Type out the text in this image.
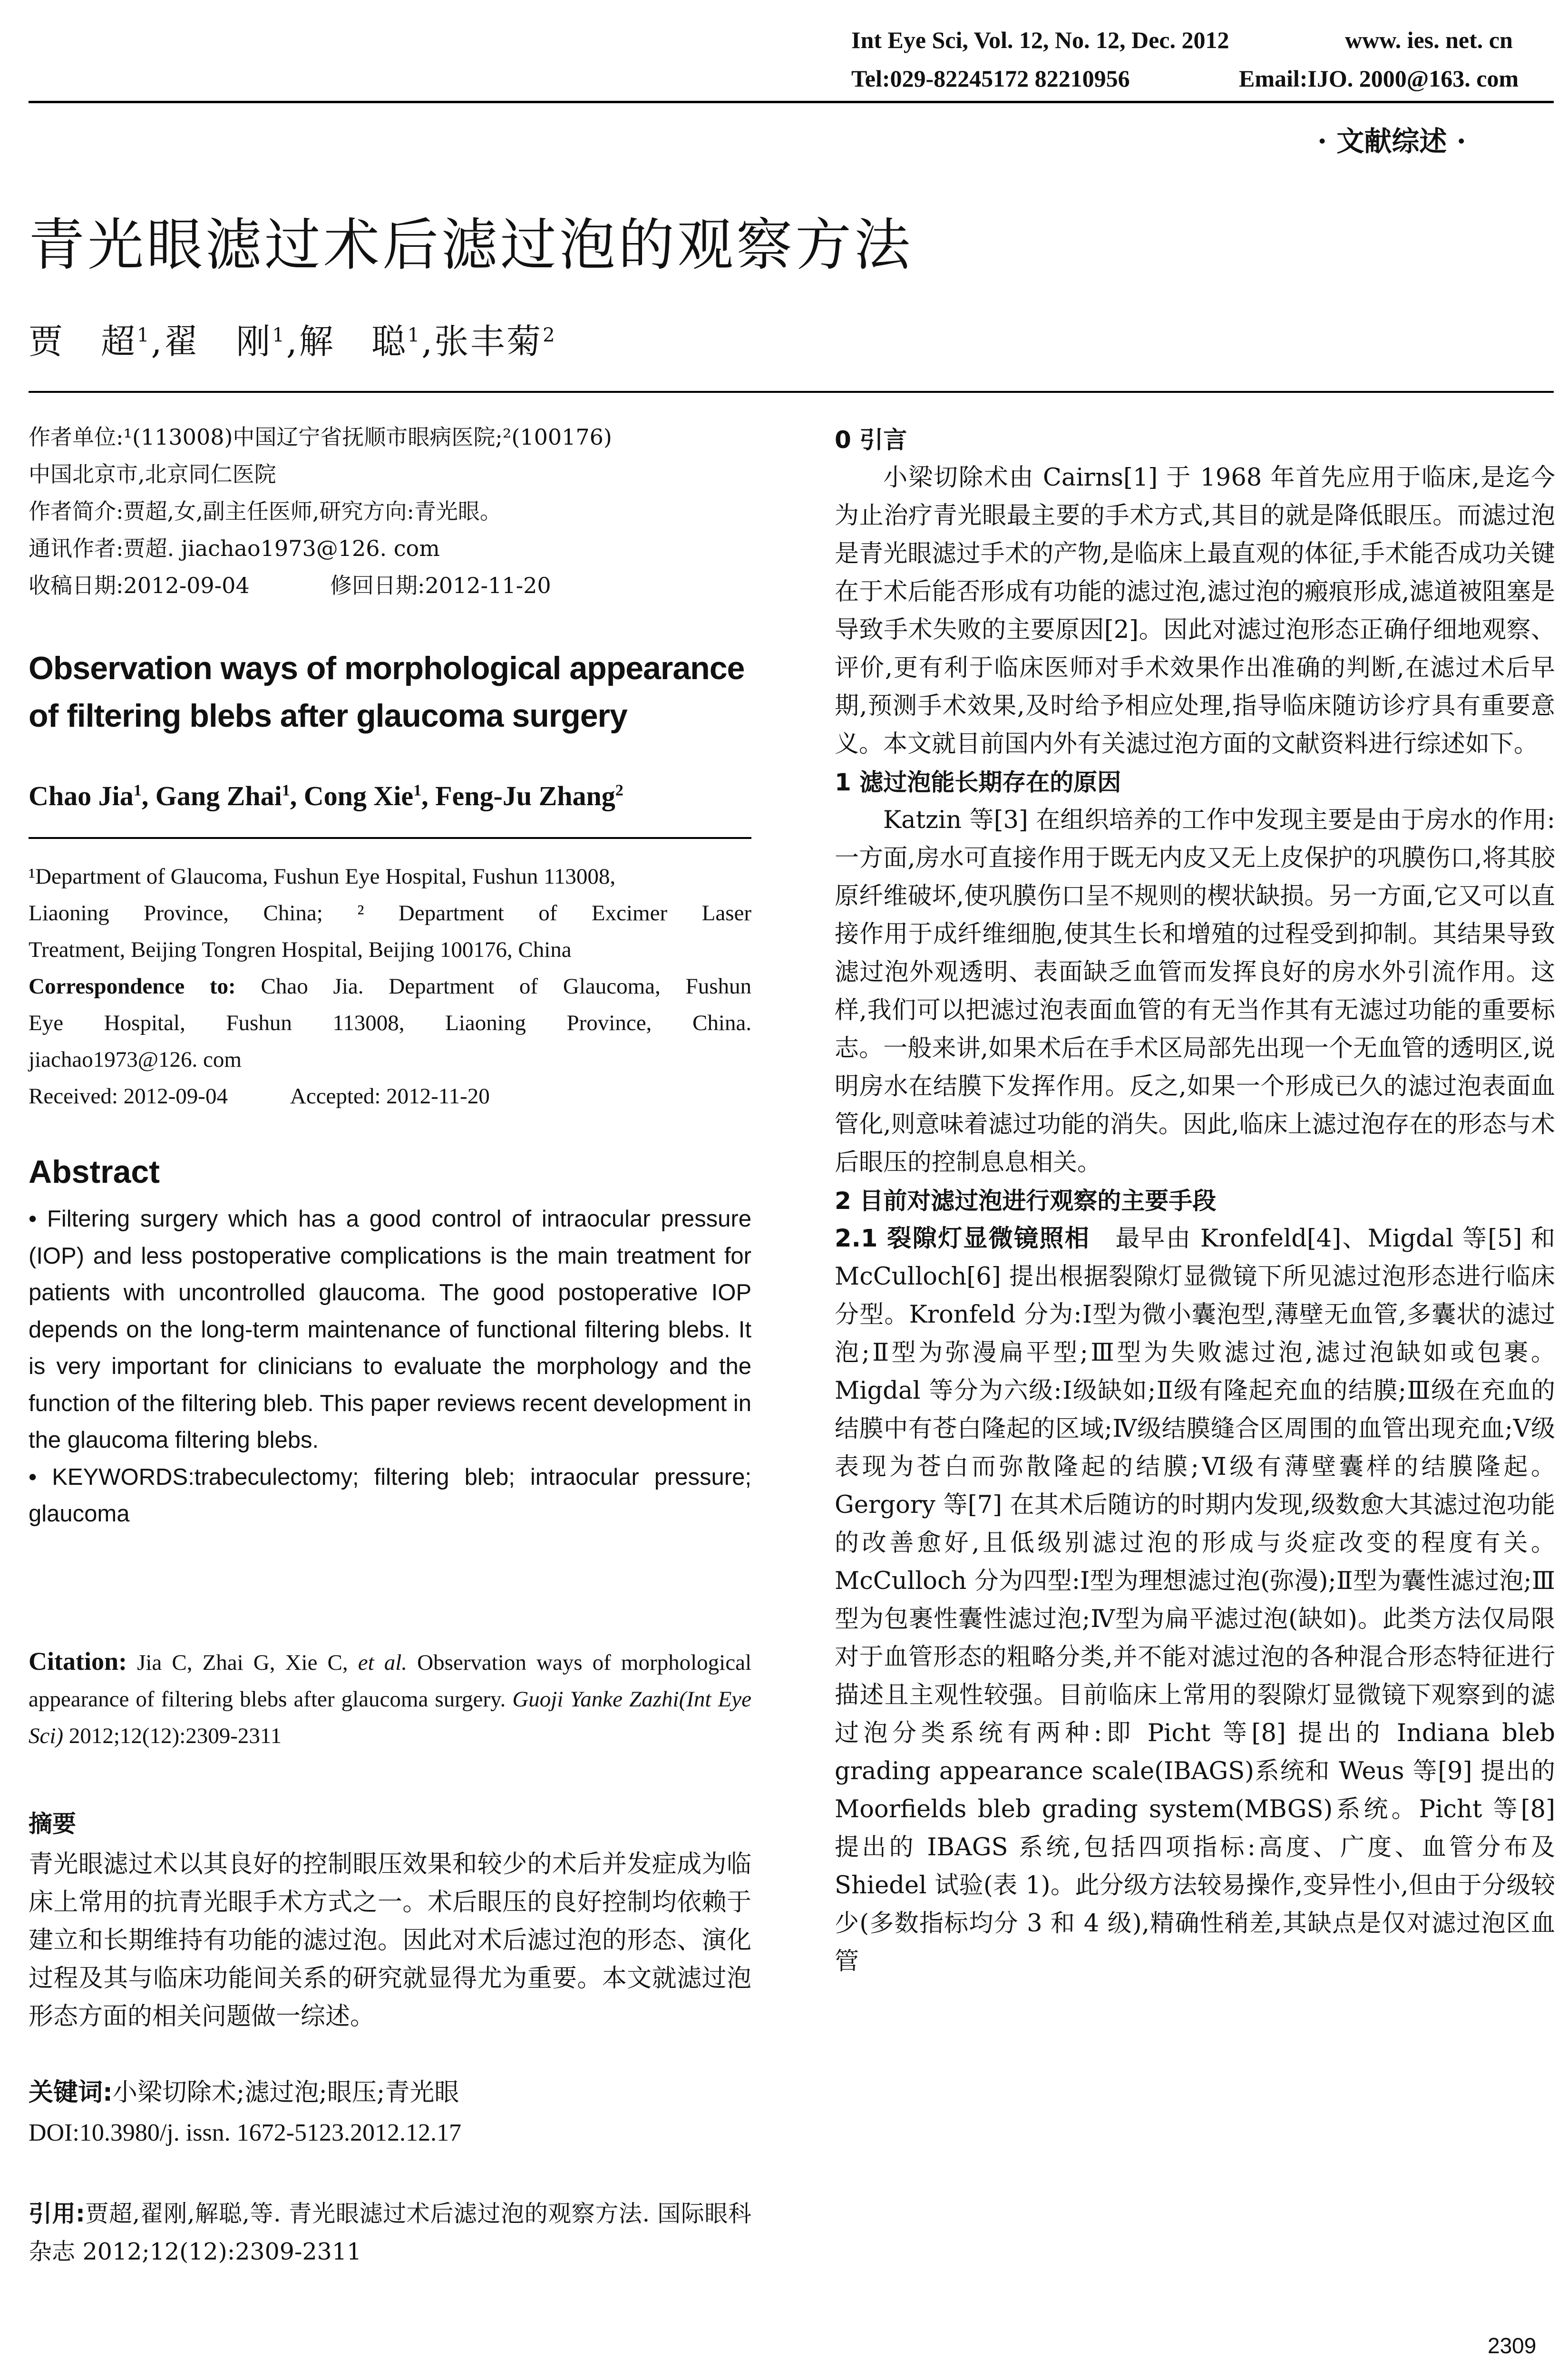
Int Eye Sci, Vol. 12, No. 12, Dec. 2012	www. ies. net. cn
Tel:029-82245172 82210956	Email:IJO. 2000@163. com
· 文献综述 ·
青光眼滤过术后滤过泡的观察方法
贾　超$^1$,翟　刚$^1$,解　聪$^1$,张丰菊$^2$
作者单位:¹(113008)中国辽宁省抚顺市眼病医院;²(100176)
中国北京市,北京同仁医院
作者简介:贾超,女,副主任医师,研究方向:青光眼。
通讯作者:贾超. jiachao1973@126. com
收稿日期:2012-09-04	修回日期:2012-11-20
Observation ways of morphological appearance
of filtering blebs after glaucoma surgery
Chao Jia$^1$, Gang Zhai$^1$, Cong Xie$^1$, Feng-Ju Zhang$^2$
¹Department of Glaucoma, Fushun Eye Hospital, Fushun 113008,
Liaoning Province, China; ² Department of Excimer Laser
Treatment, Beijing Tongren Hospital, Beijing 100176, China
Correspondence to: Chao Jia. Department of Glaucoma, Fushun
Eye Hospital, Fushun 113008, Liaoning Province, China.
jiachao1973@126. com
Received: 2012-09-04	Accepted: 2012-11-20
Abstract
• Filtering surgery which has a good control of intraocular pressure (IOP) and less postoperative complications is the main treatment for patients with uncontrolled glaucoma. The good postoperative IOP depends on the long-term maintenance of functional filtering blebs. It is very important for clinicians to evaluate the morphology and the function of the filtering bleb. This paper reviews recent development in the glaucoma filtering blebs.
• KEYWORDS:trabeculectomy; filtering bleb; intraocular pressure; glaucoma
Citation: Jia C, Zhai G, Xie C, et al. Observation ways of morphological appearance of filtering blebs after glaucoma surgery. Guoji Yanke Zazhi(Int Eye Sci) 2012;12(12):2309-2311
摘要
青光眼滤过术以其良好的控制眼压效果和较少的术后并发症成为临床上常用的抗青光眼手术方式之一。术后眼压的良好控制均依赖于建立和长期维持有功能的滤过泡。因此对术后滤过泡的形态、演化过程及其与临床功能间关系的研究就显得尤为重要。本文就滤过泡形态方面的相关问题做一综述。
关键词:小梁切除术;滤过泡;眼压;青光眼
DOI:10.3980/j. issn. 1672-5123.2012.12.17
引用:贾超,翟刚,解聪,等. 青光眼滤过术后滤过泡的观察方法. 国际眼科杂志 2012;12(12):2309-2311
0 引言

小梁切除术由 Cairns[1] 于 1968 年首先应用于临床,是迄今为止治疗青光眼最主要的手术方式,其目的就是降低眼压。而滤过泡是青光眼滤过手术的产物,是临床上最直观的体征,手术能否成功关键在于术后能否形成有功能的滤过泡,滤过泡的瘢痕形成,滤道被阻塞是导致手术失败的主要原因[2]。因此对滤过泡形态正确仔细地观察、评价,更有利于临床医师对手术效果作出准确的判断,在滤过术后早期,预测手术效果,及时给予相应处理,指导临床随访诊疗具有重要意义。本文就目前国内外有关滤过泡方面的文献资料进行综述如下。

1 滤过泡能长期存在的原因

Katzin 等[3] 在组织培养的工作中发现主要是由于房水的作用:一方面,房水可直接作用于既无内皮又无上皮保护的巩膜伤口,将其胶原纤维破坏,使巩膜伤口呈不规则的楔状缺损。另一方面,它又可以直接作用于成纤维细胞,使其生长和增殖的过程受到抑制。其结果导致滤过泡外观透明、表面缺乏血管而发挥良好的房水外引流作用。这样,我们可以把滤过泡表面血管的有无当作其有无滤过功能的重要标志。一般来讲,如果术后在手术区局部先出现一个无血管的透明区,说明房水在结膜下发挥作用。反之,如果一个形成已久的滤过泡表面血管化,则意味着滤过功能的消失。因此,临床上滤过泡存在的形态与术后眼压的控制息息相关。

2 目前对滤过泡进行观察的主要手段

2.1 裂隙灯显微镜照相　 最早由 Kronfeld[4]、Migdal 等[5] 和 McCulloch[6] 提出根据裂隙灯显微镜下所见滤过泡形态进行临床分型。Kronfeld 分为:Ⅰ型为微小囊泡型,薄壁无血管,多囊状的滤过泡;Ⅱ型为弥漫扁平型;Ⅲ型为失败滤过泡,滤过泡缺如或包裹。Migdal 等分为六级:Ⅰ级缺如;Ⅱ级有隆起充血的结膜;Ⅲ级在充血的结膜中有苍白隆起的区域;Ⅳ级结膜缝合区周围的血管出现充血;Ⅴ级表现为苍白而弥散隆起的结膜;Ⅵ级有薄壁囊样的结膜隆起。Gergory 等[7] 在其术后随访的时期内发现,级数愈大其滤过泡功能的改善愈好,且低级别滤过泡的形成与炎症改变的程度有关。McCulloch 分为四型:Ⅰ型为理想滤过泡(弥漫);Ⅱ型为囊性滤过泡;Ⅲ型为包裹性囊性滤过泡;Ⅳ型为扁平滤过泡(缺如)。此类方法仅局限对于血管形态的粗略分类,并不能对滤过泡的各种混合形态特征进行描述且主观性较强。目前临床上常用的裂隙灯显微镜下观察到的滤过泡分类系统有两种:即 Picht 等[8] 提出的 Indiana bleb grading appearance scale(IBAGS)系统和 Weus 等[9] 提出的 Moorfields bleb grading system(MBGS)系统。Picht 等[8] 提出的 IBAGS 系统,包括四项指标:高度、广度、血管分布及 Shiedel 试验(表 1)。此分级方法较易操作,变异性小,但由于分级较少(多数指标均分 3 和 4 级),精确性稍差,其缺点是仅对滤过泡区血管

2309
